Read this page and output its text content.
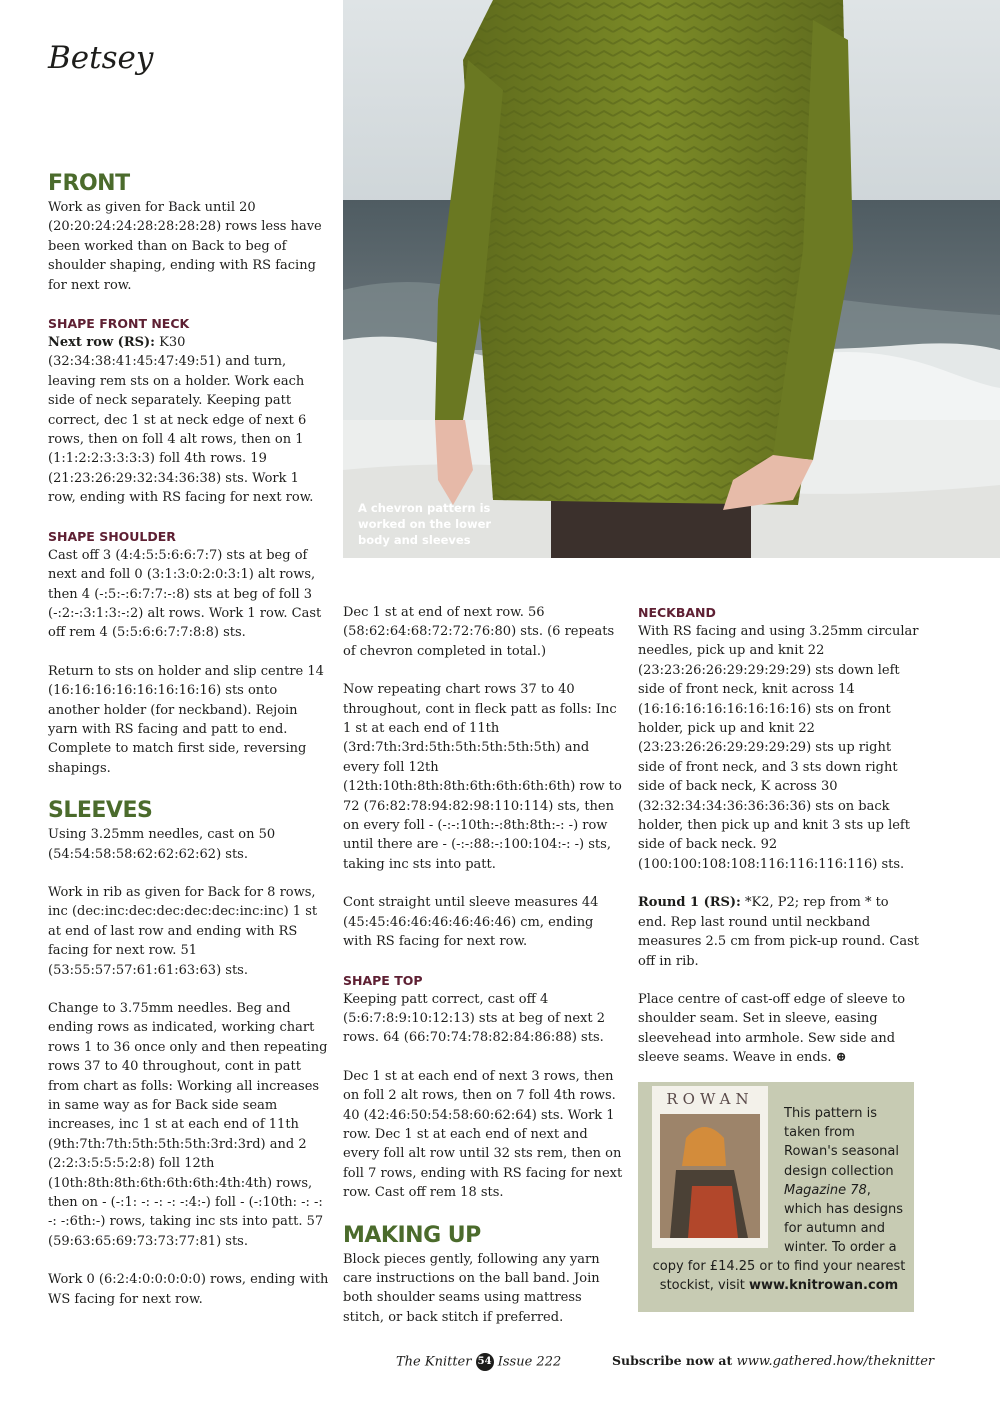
Betsey
A chevron pattern is worked on the lower body and sleeves
FRONT

Work as given for Back until 20 (20:20:24:24:28:28:28:28) rows less have been worked than on Back to beg of shoulder shaping, ending with RS facing for next row.

SHAPE FRONT NECK

Next row (RS): K30 (32:34:38:41:45:47:49:51) and turn, leaving rem sts on a holder. Work each side of neck separately. Keeping patt correct, dec 1 st at neck edge of next 6 rows, then on foll 4 alt rows, then on 1 (1:1:2:2:3:3:3:3) foll 4th rows. 19 (21:23:26:29:32:34:36:38) sts. Work 1 row, ending with RS facing for next row.

SHAPE SHOULDER

Cast off 3 (4:4:5:5:6:6:7:7) sts at beg of next and foll 0 (3:1:3:0:2:0:3:1) alt rows, then 4 (-:5:-:6:7:7:-:8) sts at beg of foll 3 (-:2:-:3:1:3:-:2) alt rows. Work 1 row. Cast off rem 4 (5:5:6:6:7:7:8:8) sts.

Return to sts on holder and slip centre 14 (16:16:16:16:16:16:16:16) sts onto another holder (for neckband). Rejoin yarn with RS facing and patt to end. Complete to match first side, reversing shapings.

SLEEVES

Using 3.25mm needles, cast on 50 (54:54:58:58:62:62:62:62) sts.

Work in rib as given for Back for 8 rows, inc (dec:inc:dec:dec:dec:dec:inc:inc) 1 st at end of last row and ending with RS facing for next row. 51 (53:55:57:57:61:61:63:63) sts.

Change to 3.75mm needles. Beg and ending rows as indicated, working chart rows 1 to 36 once only and then repeating rows 37 to 40 throughout, cont in patt from chart as folls: Working all increases in same way as for Back side seam increases, inc 1 st at each end of 11th (9th:7th:7th:5th:5th:5th:3rd:3rd) and 2 (2:2:3:5:5:5:2:8) foll 12th (10th:8th:8th:6th:6th:6th:4th:4th) rows, then on - (-:1: -: -: -: -:4:-) foll - (-:10th: -: -: -: -:6th:-) rows, taking inc sts into patt. 57 (59:63:65:69:73:73:77:81) sts.

Work 0 (6:2:4:0:0:0:0:0) rows, ending with WS facing for next row.

Dec 1 st at end of next row. 56 (58:62:64:68:72:72:76:80) sts. (6 repeats of chevron completed in total.)

Now repeating chart rows 37 to 40 throughout, cont in fleck patt as folls: Inc 1 st at each end of 11th (3rd:7th:3rd:5th:5th:5th:5th:5th) and every foll 12th (12th:10th:8th:8th:6th:6th:6th:6th) row to 72 (76:82:78:94:82:98:110:114) sts, then on every foll - (-:-:10th:-:8th:8th:-: -) row until there are - (-:-:88:-:100:104:-: -) sts, taking inc sts into patt.

Cont straight until sleeve measures 44 (45:45:46:46:46:46:46:46) cm, ending with RS facing for next row.

SHAPE TOP

Keeping patt correct, cast off 4 (5:6:7:8:9:10:12:13) sts at beg of next 2 rows. 64 (66:70:74:78:82:84:86:88) sts.

Dec 1 st at each end of next 3 rows, then on foll 2 alt rows, then on 7 foll 4th rows. 40 (42:46:50:54:58:60:62:64) sts. Work 1 row. Dec 1 st at each end of next and every foll alt row until 32 sts rem, then on foll 7 rows, ending with RS facing for next row. Cast off rem 18 sts.

MAKING UP

Block pieces gently, following any yarn care instructions on the ball band. Join both shoulder seams using mattress stitch, or back stitch if preferred.

NECKBAND

With RS facing and using 3.25mm circular needles, pick up and knit 22 (23:23:26:26:29:29:29:29) sts down left side of front neck, knit across 14 (16:16:16:16:16:16:16:16) sts on front holder, pick up and knit 22 (23:23:26:26:29:29:29:29) sts up right side of front neck, and 3 sts down right side of back neck, K across 30 (32:32:34:34:36:36:36:36) sts on back holder, then pick up and knit 3 sts up left side of back neck. 92 (100:100:108:108:116:116:116:116) sts.

Round 1 (RS): *K2, P2; rep from * to end. Rep last round until neckband measures 2.5 cm from pick-up round. Cast off in rib.

Place centre of cast-off edge of sleeve to shoulder seam. Set in sleeve, easing sleevehead into armhole. Sew side and sleeve seams. Weave in ends. ⊕

ROWAN
This pattern is taken from Rowan's seasonal design collection Magazine 78, which has designs for autumn and winter. To order a
copy for £14.25 or to find your nearest stockist, visit www.knitrowan.com
The Knitter 54 Issue 222	Subscribe now at www.gathered.how/theknitter
